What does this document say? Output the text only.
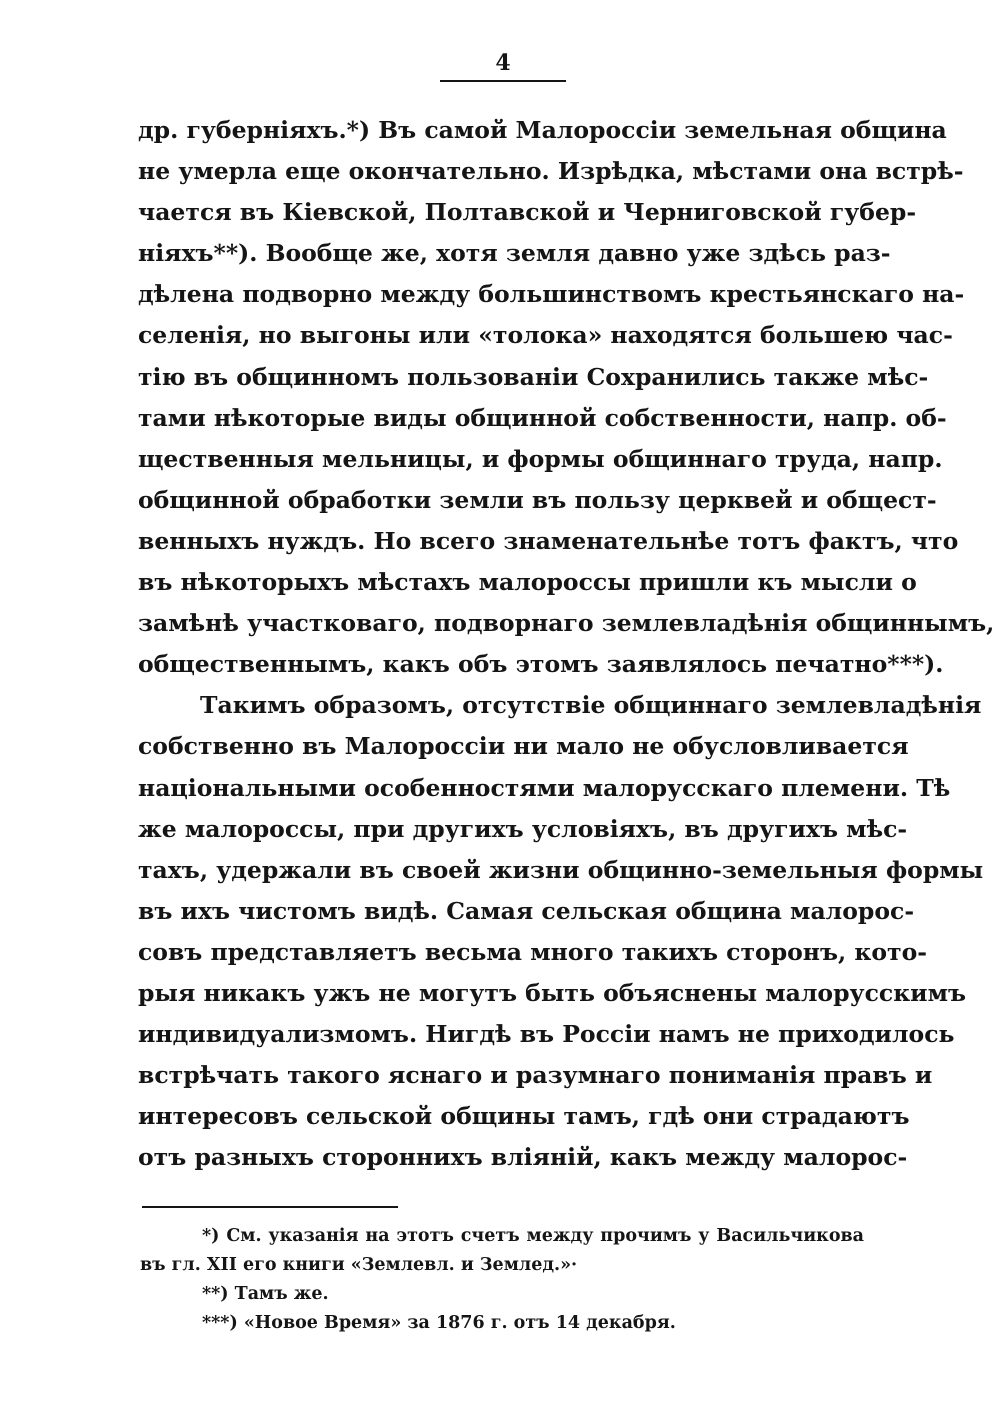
4
др. губерніяхъ.*) Въ самой Малороссіи земельная община
не умерла еще окончательно. Изрѣдка, мѣстами она встрѣ-
чается въ Кіевской, Полтавской и Черниговской губер-
ніяхъ**). Вообще же, хотя земля давно уже здѣсь раз-
дѣлена подворно между большинствомъ крестьянскаго на-
селенія, но выгоны или «толока» находятся большею час-
тію въ общинномъ пользованіи Сохранились также мѣс-
тами нѣкоторые виды общинной собственности, напр. об-
щественныя мельницы, и формы общиннаго труда, напр.
общинной обработки земли въ пользу церквей и общест-
венныхъ нуждъ. Но всего знаменательнѣе тотъ фактъ, что
въ нѣкоторыхъ мѣстахъ малороссы пришли къ мысли о
замѣнѣ участковаго, подворнаго землевладѣнія общиннымъ,
общественнымъ, какъ объ этомъ заявлялось печатно***).
Такимъ образомъ, отсутствіе общиннаго землевладѣнія
собственно въ Малороссіи ни мало не обусловливается
національными особенностями малорусскаго племени. Тѣ
же малороссы, при другихъ условіяхъ, въ другихъ мѣс-
тахъ, удержали въ своей жизни общинно-земельныя формы
въ ихъ чистомъ видѣ. Самая сельская община малорос-
совъ представляетъ весьма много такихъ сторонъ, кото-
рыя никакъ ужъ не могутъ быть объяснены малорусскимъ
индивидуализмомъ. Нигдѣ въ Россіи намъ не приходилось
встрѣчать такого яснаго и разумнаго пониманія правъ и
интересовъ сельской общины тамъ, гдѣ они страдаютъ
отъ разныхъ стороннихъ вліяній, какъ между малорос-
*) См. указанія на этотъ счетъ между прочимъ у Васильчикова
въ гл. XII его книги «Землевл. и Землед.»·
**) Тамъ же.
***) «Новое Время» за 1876 г. отъ 14 декабря.
